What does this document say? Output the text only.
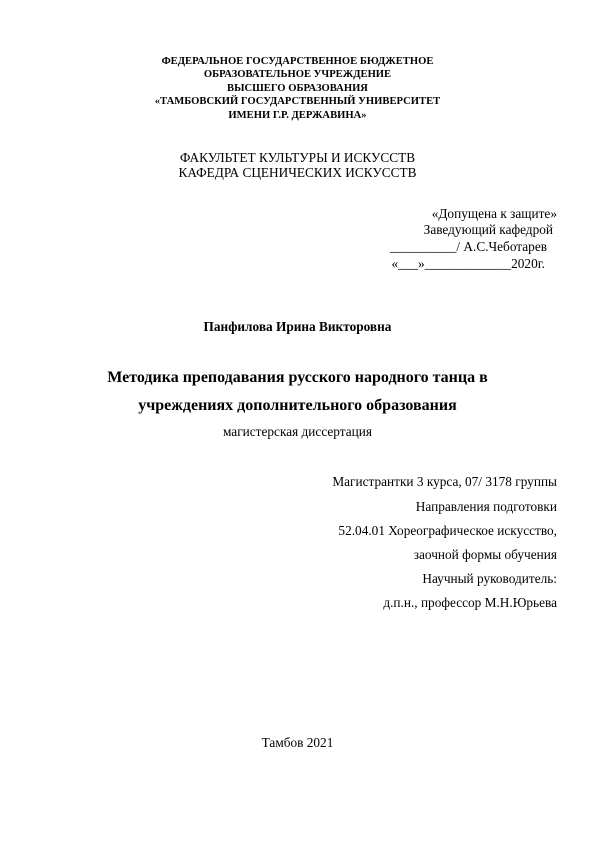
ФЕДЕРАЛЬНОЕ ГОСУДАРСТВЕННОЕ БЮДЖЕТНОЕ
ОБРАЗОВАТЕЛЬНОЕ УЧРЕЖДЕНИЕ
ВЫСШЕГО ОБРАЗОВАНИЯ
«ТАМБОВСКИЙ ГОСУДАРСТВЕННЫЙ УНИВЕРСИТЕТ
ИМЕНИ Г.Р. ДЕРЖАВИНА»
ФАКУЛЬТЕТ КУЛЬТУРЫ И ИСКУССТВ
КАФЕДРА СЦЕНИЧЕСКИХ ИСКУССТВ
«Допущена к защите»
Заведующий кафедрой
__________/ А.С.Чеботарев
«___»_____________2020г.
Панфилова Ирина Викторовна
Методика преподавания русского народного танца в
учреждениях дополнительного образования
магистерская диссертация
Магистрантки 3 курса, 07/ 3178 группы
Направления подготовки
52.04.01 Хореографическое искусство,
заочной формы обучения
Научный руководитель:
д.п.н., профессор М.Н.Юрьева
Тамбов 2021
